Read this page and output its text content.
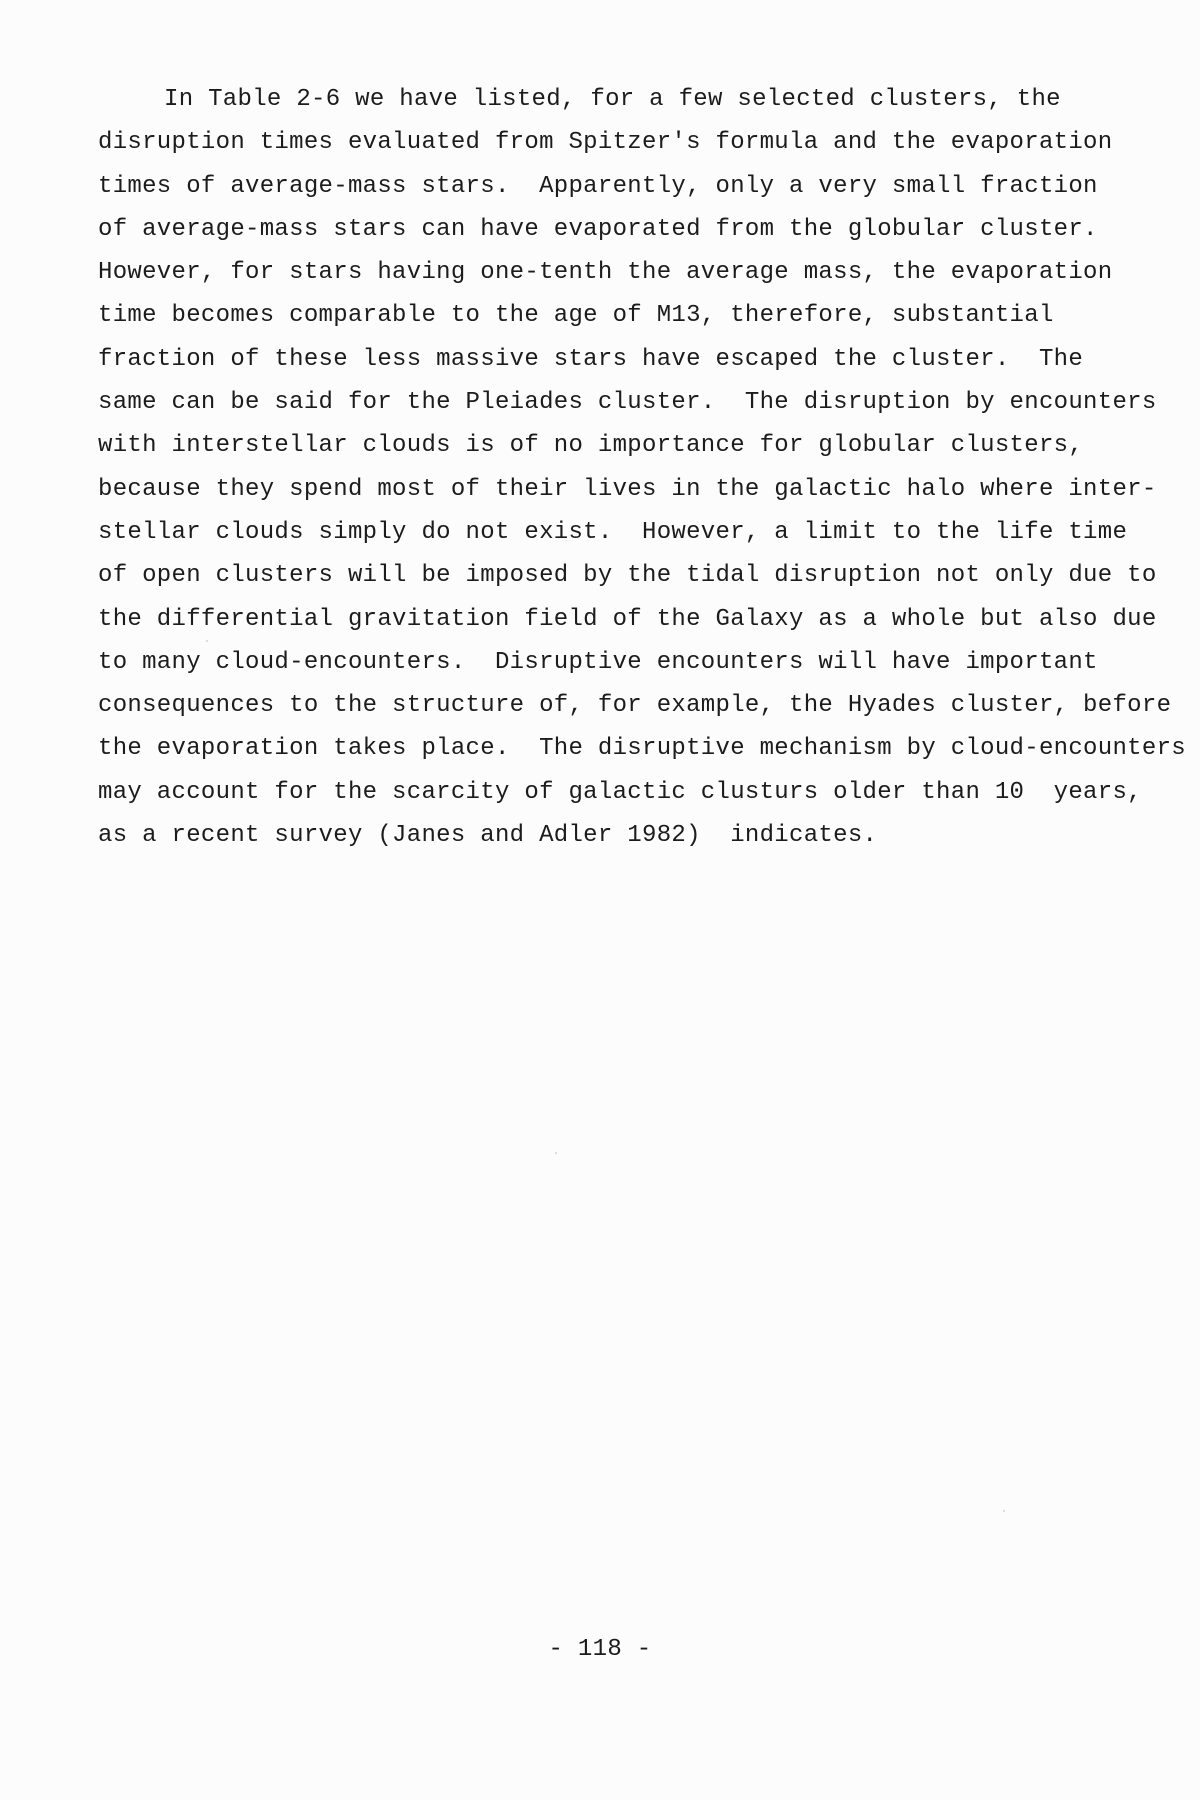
In Table 2-6 we have listed, for a few selected clusters, the
disruption times evaluated from Spitzer's formula and the evaporation
times of average-mass stars.  Apparently, only a very small fraction
of average-mass stars can have evaporated from the globular cluster.
However, for stars having one-tenth the average mass, the evaporation
time becomes comparable to the age of M13, therefore, substantial
fraction of these less massive stars have escaped the cluster.  The
same can be said for the Pleiades cluster.  The disruption by encounters
with interstellar clouds is of no importance for globular clusters,
because they spend most of their lives in the galactic halo where inter-
stellar clouds simply do not exist.  However, a limit to the life time
of open clusters will be imposed by the tidal disruption not only due to
the differential gravitation field of the Galaxy as a whole but also due
to many cloud-encounters.  Disruptive encounters will have important
consequences to the structure of, for example, the Hyades cluster, before
the evaporation takes place.  The disruptive mechanism by cloud-encounters
may account for the scarcity of galactic clusturs older than 10  years,
as a recent survey (Janes and Adler 1982)  indicates.
- 118 -
